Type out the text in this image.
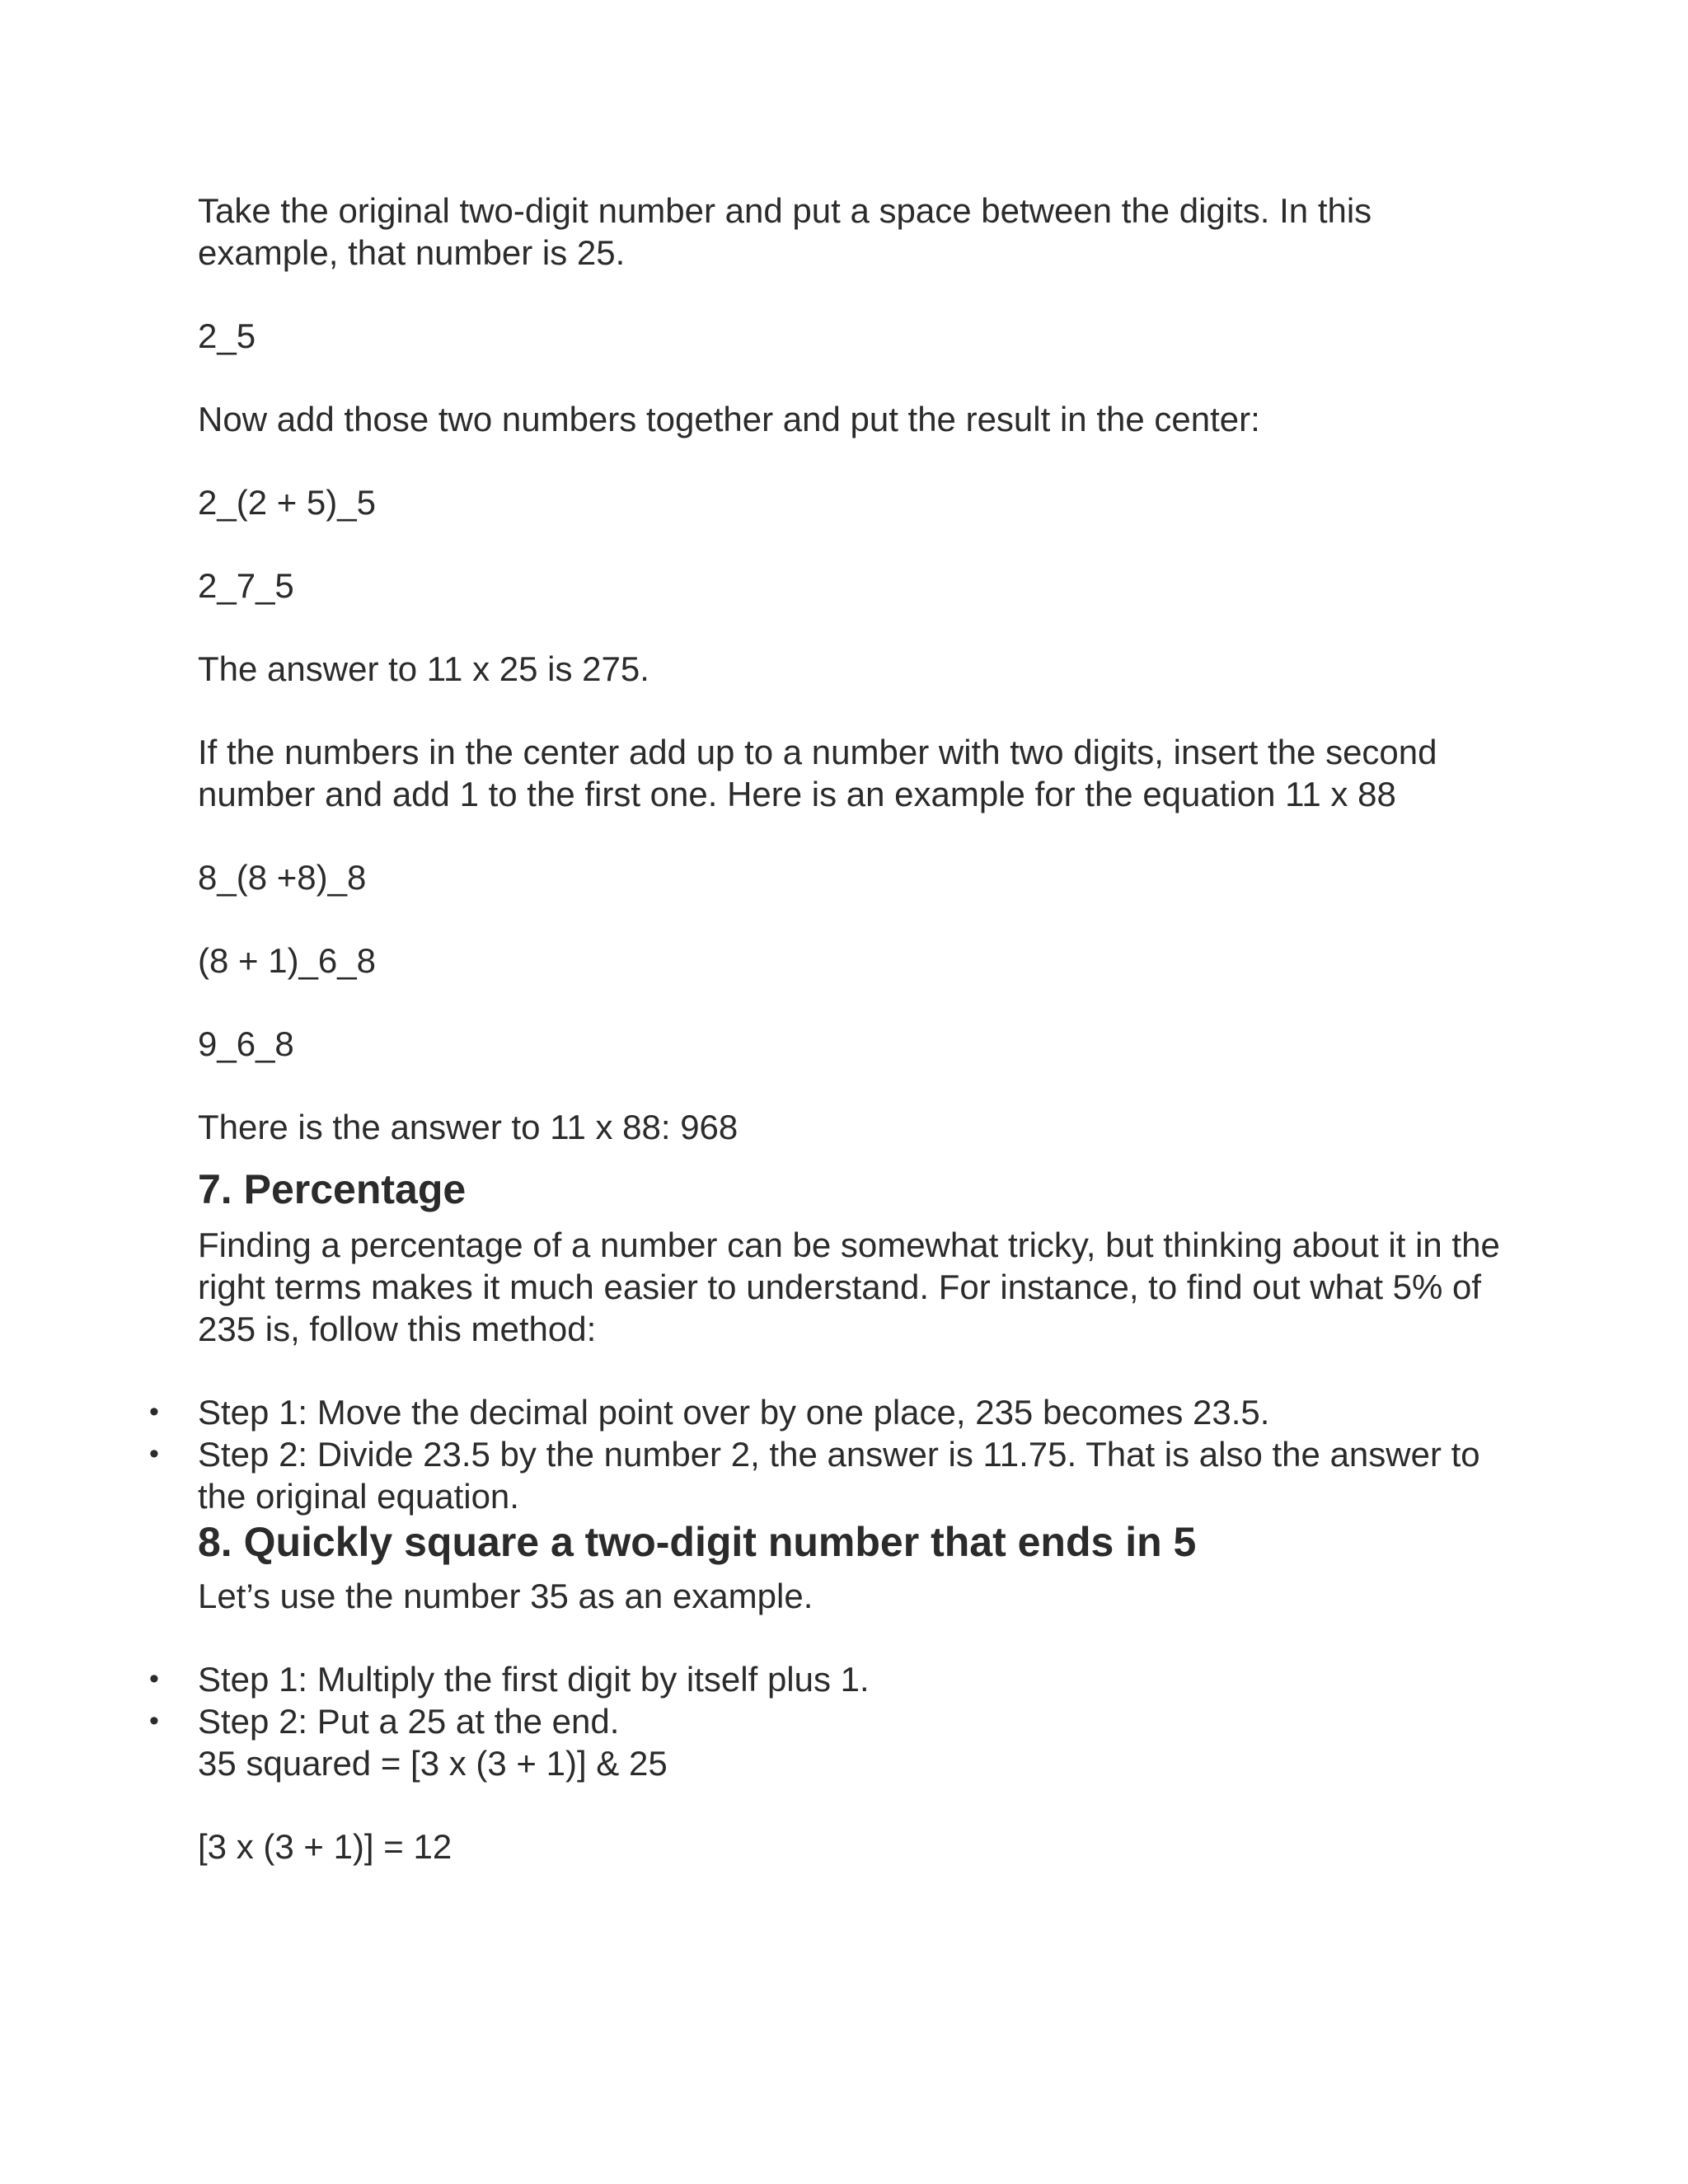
Take the original two-digit number and put a space between the digits. In this example, that number is 25.

2_5

Now add those two numbers together and put the result in the center:

2_(2 + 5)_5

2_7_5

The answer to 11 x 25 is 275.

If the numbers in the center add up to a number with two digits, insert the second number and add 1 to the first one. Here is an example for the equation 11 x 88

8_(8 +8)_8

(8 + 1)_6_8

9_6_8

There is the answer to 11 x 88: 968

7. Percentage

Finding a percentage of a number can be somewhat tricky, but thinking about it in the right terms makes it much easier to understand. For instance, to find out what 5% of 235 is, follow this method:

• Step 1: Move the decimal point over by one place, 235 becomes 23.5.
• Step 2: Divide 23.5 by the number 2, the answer is 11.75. That is also the answer to the original equation.
8. Quickly square a two-digit number that ends in 5

Let’s use the number 35 as an example.

• Step 1: Multiply the first digit by itself plus 1.
• Step 2: Put a 25 at the end.
35 squared = [3 x (3 + 1)] & 25

[3 x (3 + 1)] = 12
